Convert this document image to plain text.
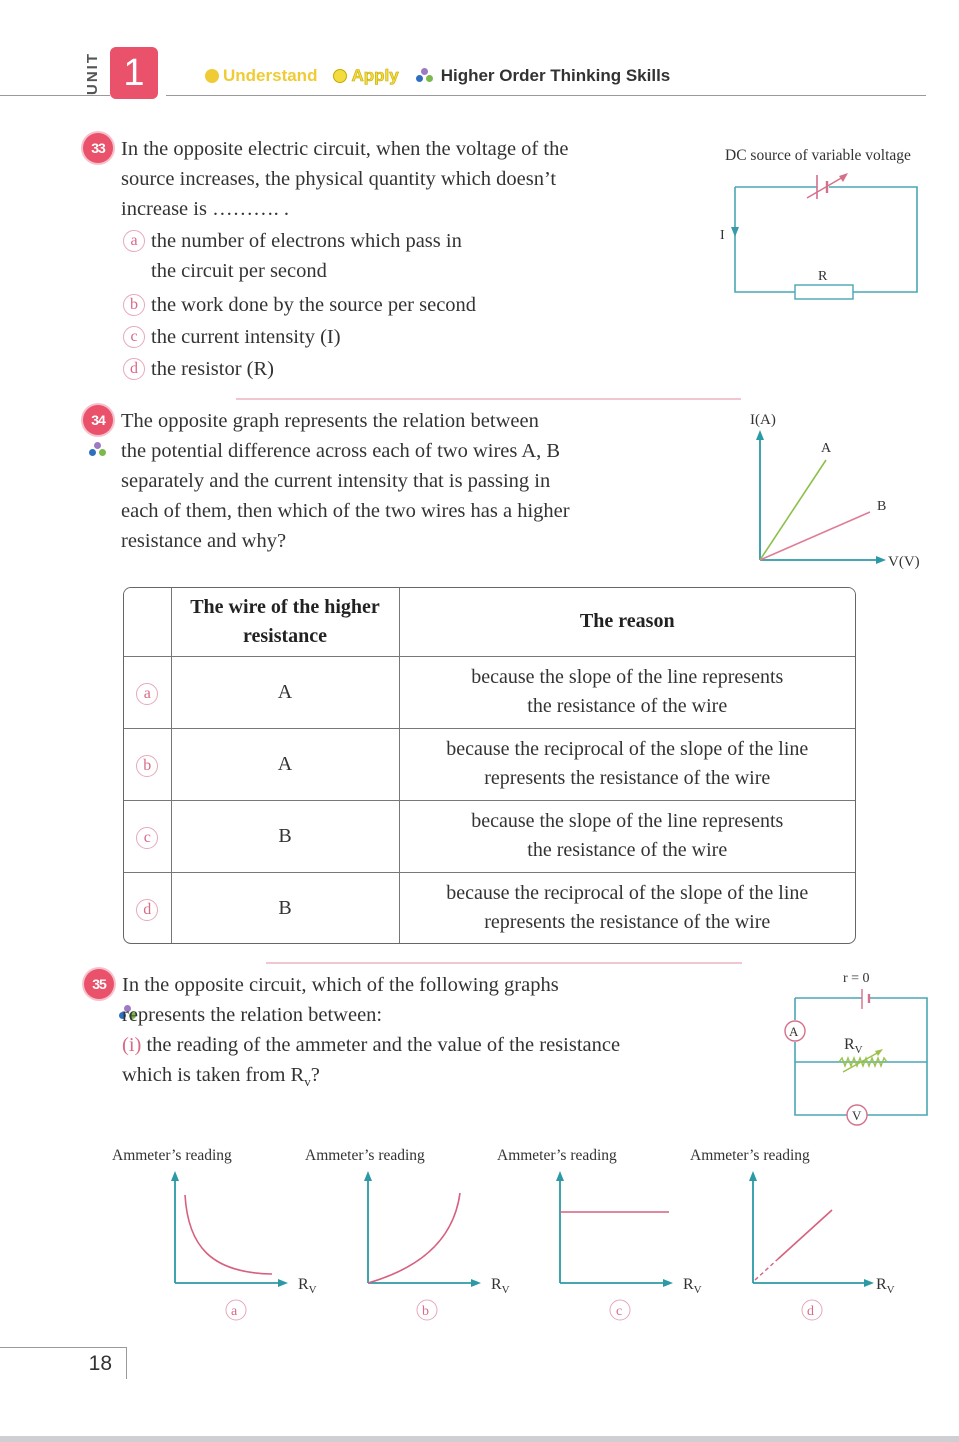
UNIT 1	Understand Apply Higher Order Thinking Skills
33 In the opposite electric circuit, when the voltage of the
source increases, the physical quantity which doesn’t
increase is ………. .
a the number of electrons which pass in
the circuit per second
b the work done by the source per second
c the current intensity (I)
d the resistor (R)
DC source of variable voltage
I
R
34
The opposite graph represents the relation between
the potential difference across each of two wires A, B
separately and the current intensity that is passing in
each of them, then which of the two wires has a higher
resistance and why?
I(A)
V(V)
A
B

	The wire of the higher
resistance	The reason
a	A	because the slope of the line represents
the resistance of the wire

b	A	because the reciprocal of the slope of the line
represents the resistance of the wire

c	B	because the slope of the line represents
the resistance of the wire

d	B	because the reciprocal of the slope of the line
represents the resistance of the wire
35 In the opposite circuit, which of the following graphs
represents the relation between:
(i) the reading of the ammeter and the value of the resistance
which is taken from $R_v$?
r = 0
A
V
$R_V$
Ammeter’s reading
$R_V$
a
Ammeter’s reading
$R_V$
b
Ammeter’s reading
$R_V$
c
Ammeter’s reading
$R_V$
d
18
